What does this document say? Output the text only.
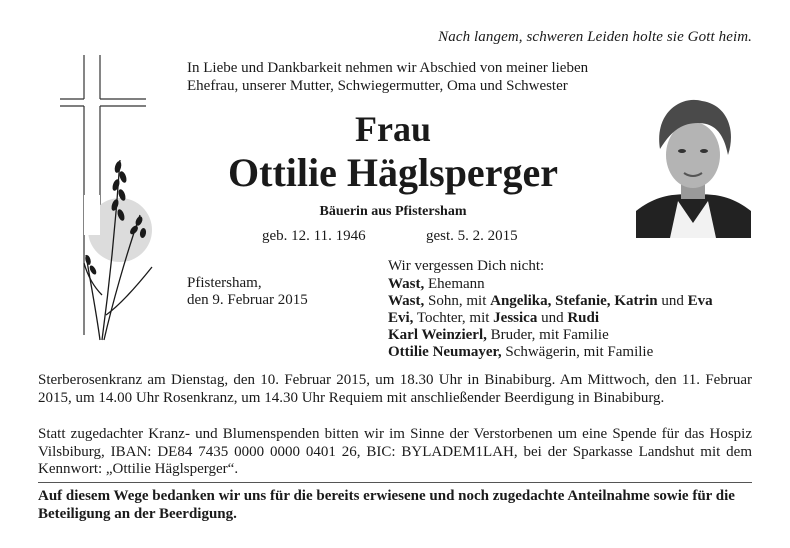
Nach langem, schweren Leiden holte sie Gott heim.
In Liebe und Dankbarkeit nehmen wir Abschied von meiner lieben Ehefrau, unserer Mutter, Schwiegermutter, Oma und Schwester
Frau
Ottilie Häglsperger
Bäuerin aus Pfistersham
geb. 12. 11. 1946	gest. 5. 2. 2015
Pfistersham,
den 9. Februar 2015
Wir vergessen Dich nicht:
Wast, Ehemann
Wast, Sohn, mit Angelika, Stefanie, Katrin und Eva
Evi, Tochter, mit Jessica und Rudi
Karl Weinzierl, Bruder, mit Familie
Ottilie Neumayer, Schwägerin, mit Familie
Sterberosenkranz am Dienstag, den 10. Februar 2015, um 18.30 Uhr in Binabiburg. Am Mittwoch, den 11. Februar 2015, um 14.00 Uhr Rosenkranz, um 14.30 Uhr Requiem mit anschließender Beerdigung in Binabiburg.
Statt zugedachter Kranz- und Blumenspenden bitten wir im Sinne der Verstorbenen um eine Spende für das Hospiz Vilsbiburg, IBAN: DE84 7435 0000 0000 0401 26, BIC: BYLADEM1LAH, bei der Sparkasse Landshut mit dem Kennwort: „Ottilie Häglsperger“.
Auf diesem Wege bedanken wir uns für die bereits erwiesene und noch zugedachte Anteilnahme sowie für die Beteiligung an der Beerdigung.
